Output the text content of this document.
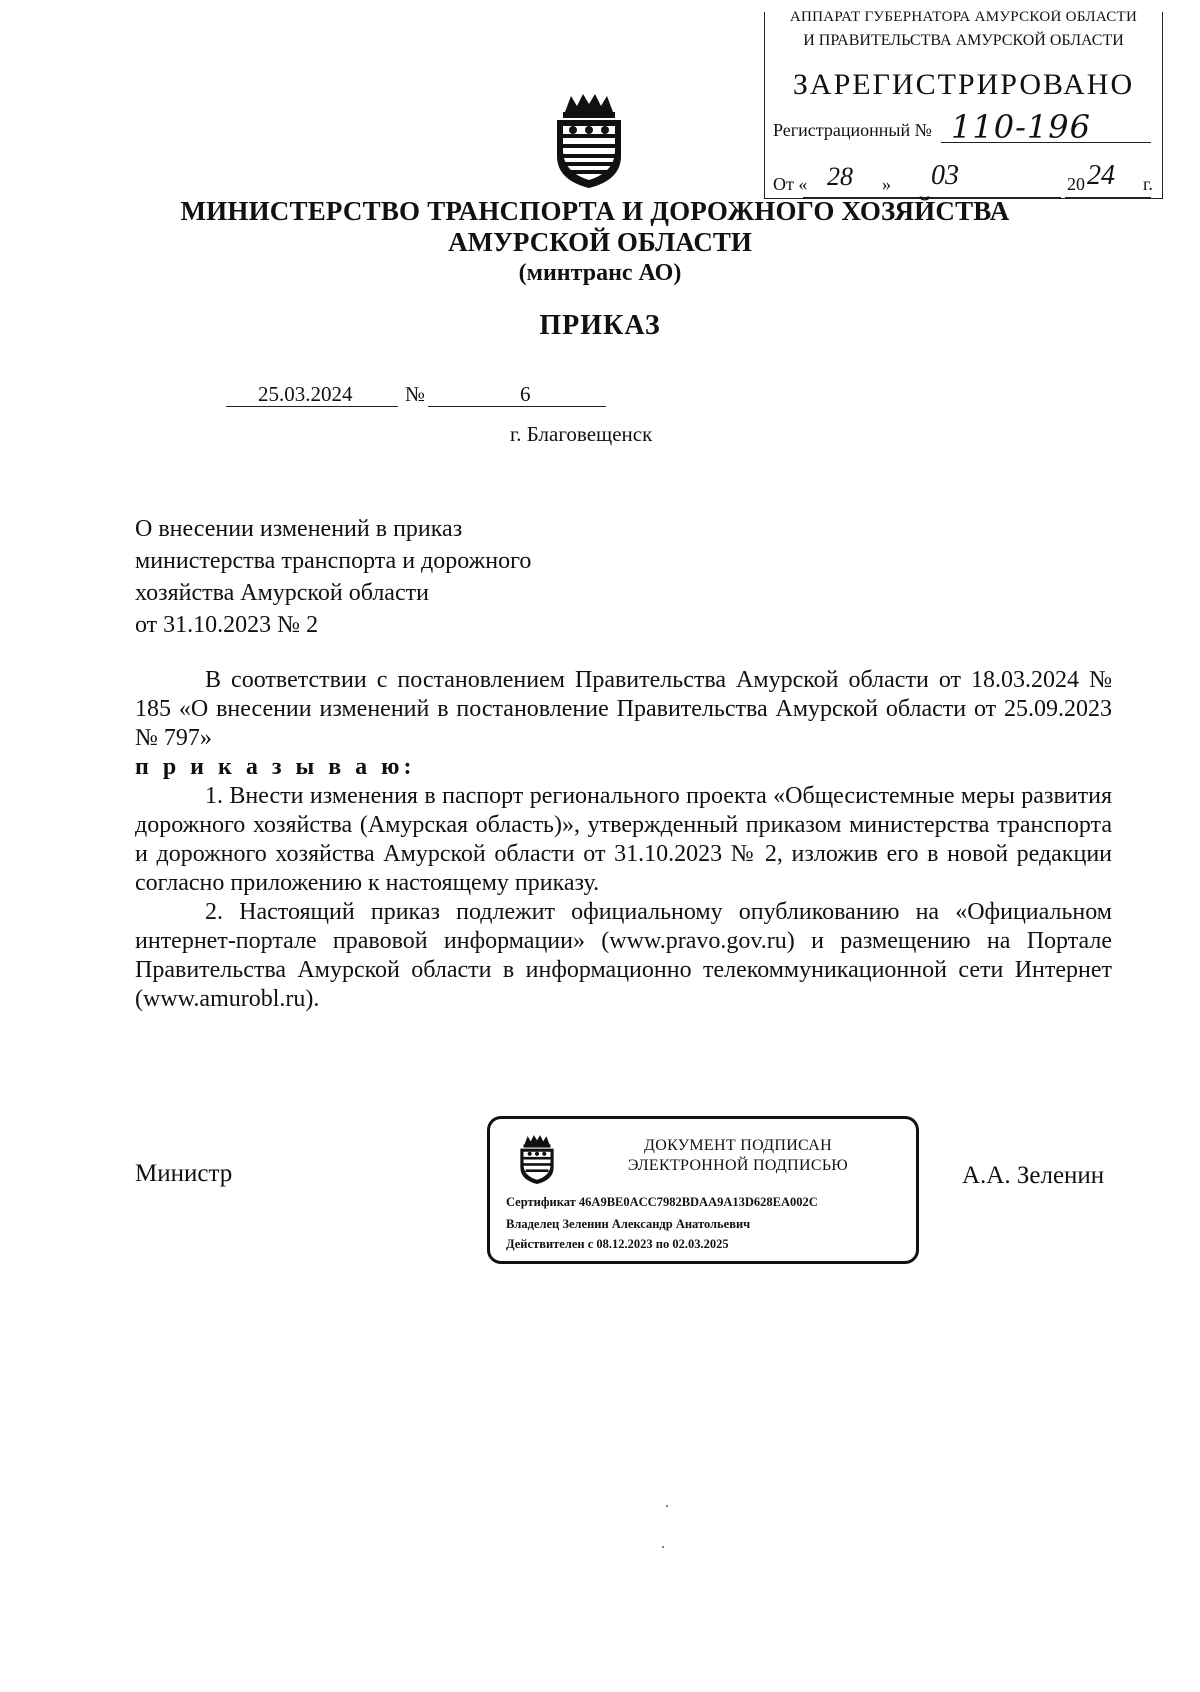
АППАРАТ ГУБЕРНАТОРА АМУРСКОЙ ОБЛАСТИ
И ПРАВИТЕЛЬСТВА АМУРСКОЙ ОБЛАСТИ
ЗАРЕГИСТРИРОВАНО
Регистрационный № 110-196
От « 28 » 03	20 24 г.
МИНИСТЕРСТВО ТРАНСПОРТА И ДОРОЖНОГО ХОЗЯЙСТВА
АМУРСКОЙ ОБЛАСТИ
(минтранс АО)
ПРИКАЗ
25.03.2024	№	6
г. Благовещенск
О внесении изменений в приказ
министерства транспорта и дорожного
хозяйства Амурской области
от 31.10.2023 № 2

В соответствии с постановлением Правительства Амурской области от 18.03.2024 № 185 «О внесении изменений в постановление Правительства Амурской области от 25.09.2023 № 797»

п р и к а з ы в а ю:

1. Внести изменения в паспорт регионального проекта «Общесистемные меры развития дорожного хозяйства (Амурская область)», утвержденный приказом министерства транспорта и дорожного хозяйства Амурской области от 31.10.2023 № 2, изложив его в новой редакции согласно приложению к настоящему приказу.

2. Настоящий приказ подлежит официальному опубликованию на «Официальном интернет-портале правовой информации» (www.pravo.gov.ru) и размещению на Портале Правительства Амурской области в информационно телекоммуникационной сети Интернет (www.amurobl.ru).

Министр
ДОКУМЕНТ ПОДПИСАН
ЭЛЕКТРОННОЙ ПОДПИСЬЮ
Сертификат 46A9BE0ACC7982BDAA9A13D628EA002C
Владелец Зеленин Александр Анатольевич
Действителен с 08.12.2023 по 02.03.2025
А.А. Зеленин
